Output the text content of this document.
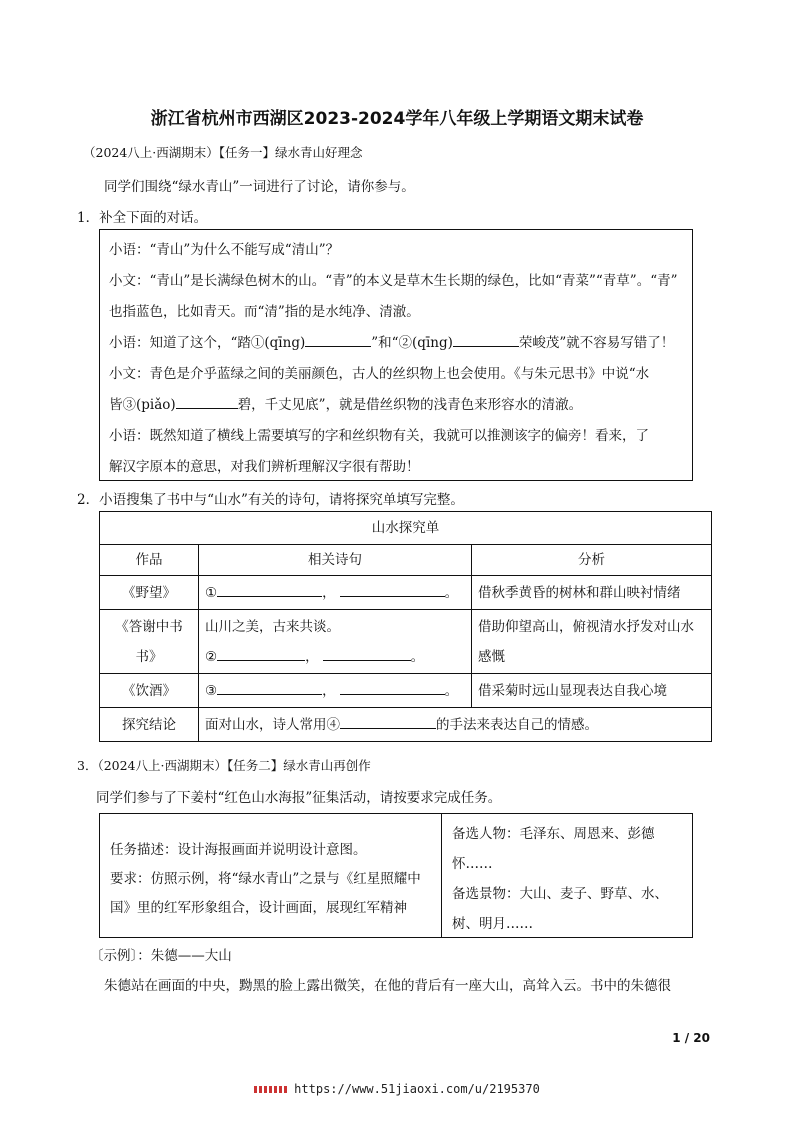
浙江省杭州市西湖区2023-2024学年八年级上学期语文期末试卷
（2024八上·西湖期末）【任务一】绿水青山好理念
同学们围绕“绿水青山”一词进行了讨论，请你参与。
1．补全下面的对话。
小语：“青山”为什么不能写成“清山”？
小文：“青山”是长满绿色树木的山。“青”的本义是草木生长期的绿色，比如“青菜”“青草”。“青”
也指蓝色，比如青天。而“清”指的是水纯净、清澈。
小语：知道了这个，“踏①(qīng)	”和“②(qīng)	荣峻茂”就不容易写错了！
小文：青色是介乎蓝绿之间的美丽颜色，古人的丝织物上也会使用。《与朱元思书》中说“水
皆③(piǎo)	碧，千丈见底”，就是借丝织物的浅青色来形容水的清澈。
小语：既然知道了横线上需要填写的字和丝织物有关，我就可以推测该字的偏旁！看来，了
解汉字原本的意思，对我们辨析理解汉字很有帮助！
2．小语搜集了书中与“山水”有关的诗句，请将探究单填写完整。
山水探究单		
作品	相关诗句	分析
《野望》	① ， 。	借秋季黄昏的树林和群山映衬情绪
《答谢中书书》	山川之美，古来共谈。
② ， 。	借助仰望高山，俯视清水抒发对山水感慨
《饮酒》	③ ， 。	借采菊时远山显现表达自我心境
探究结论	面对山水，诗人常用④ 的手法来表达自己的情感。	
3．（2024八上·西湖期末）【任务二】绿水青山再创作
同学们参与了下姜村“红色山水海报”征集活动，请按要求完成任务。
任务描述：设计海报画面并说明设计意图。
要求：仿照示例，将“绿水青山”之景与《红星照耀中
国》里的红军形象组合，设计画面，展现红军精神
备选人物：毛泽东、周恩来、彭德
怀……
备选景物：大山、麦子、野草、水、
树、明月……
〔示例〕：朱德——大山
朱德站在画面的中央，黝黑的脸上露出微笑，在他的背后有一座大山，高耸入云。书中的朱德很
1 / 20
https://www.51jiaoxi.com/u/2195370
